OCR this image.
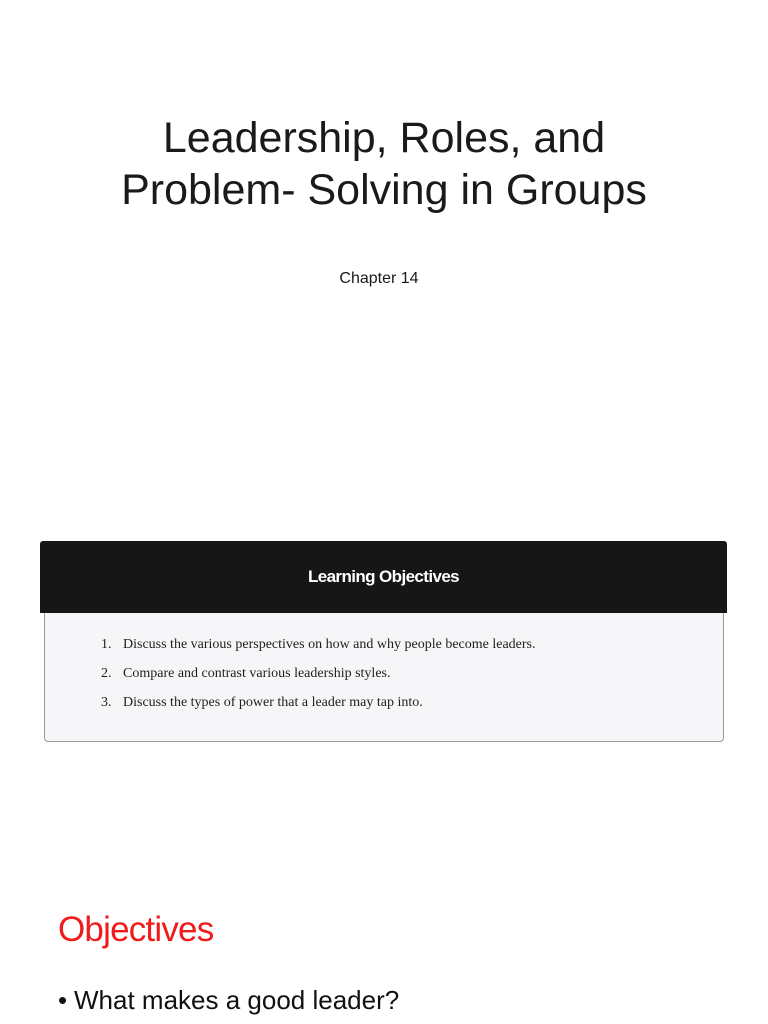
Leadership, Roles, and
Problem- Solving in Groups
Chapter 14
Learning Objectives
1. Discuss the various perspectives on how and why people become leaders.
2. Compare and contrast various leadership styles.
3. Discuss the types of power that a leader may tap into.
Objectives
• What makes a good leader?
